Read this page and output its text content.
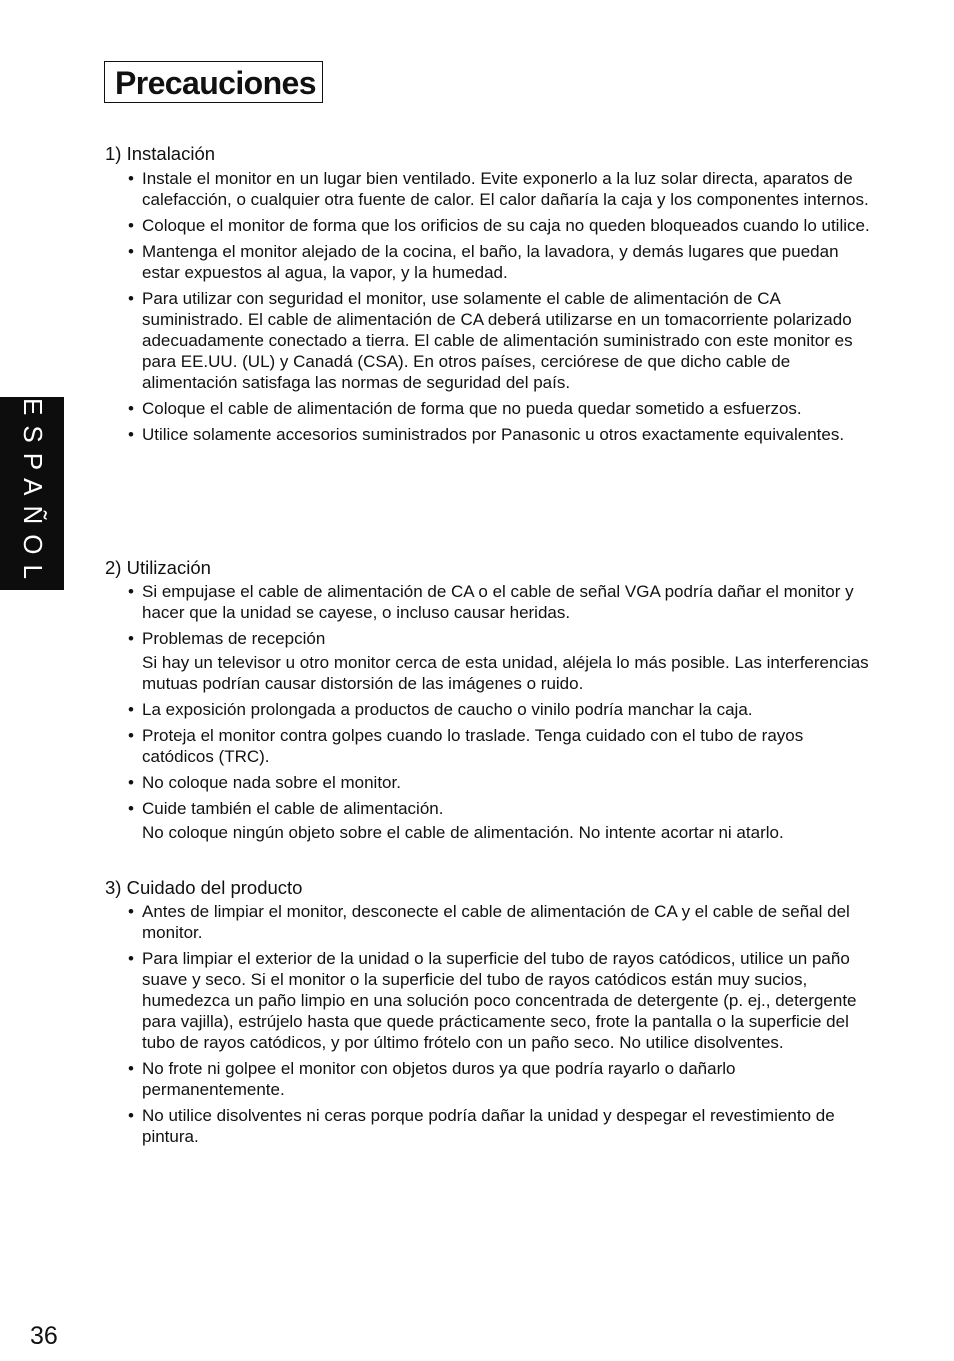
Precauciones
ESPAÑOL
1) Instalación
• Instale el monitor en un lugar bien ventilado. Evite exponerlo a la luz solar directa, aparatos de calefacción, o cualquier otra fuente de calor. El calor dañaría la caja y los componentes internos.
• Coloque el monitor de forma que los orificios de su caja no queden bloqueados cuando lo utilice.
• Mantenga el monitor alejado de la cocina, el baño, la lavadora, y demás lugares que puedan estar expuestos al agua, la vapor, y la humedad.
• Para utilizar con seguridad el monitor, use solamente el cable de alimentación de CA suministrado. El cable de alimentación de CA deberá utilizarse en un tomacorriente polarizado adecuadamente conectado a tierra. El cable de alimentación suministrado con este monitor es para EE.UU. (UL) y Canadá (CSA). En otros países, cerciórese de que dicho cable de alimentación satisfaga las normas de seguridad del país.
• Coloque el cable de alimentación de forma que no pueda quedar sometido a esfuerzos.
• Utilice solamente accesorios suministrados por Panasonic u otros exactamente equivalentes.
2) Utilización
• Si empujase el cable de alimentación de CA o el cable de señal VGA podría dañar el monitor y hacer que la unidad se cayese, o incluso causar heridas.
• Problemas de recepción
Si hay un televisor u otro monitor cerca de esta unidad, aléjela lo más posible. Las interferencias mutuas podrían causar distorsión de las imágenes o ruido.
• La exposición prolongada a productos de caucho o vinilo podría manchar la caja.
• Proteja el monitor contra golpes cuando lo traslade. Tenga cuidado con el tubo de rayos catódicos (TRC).
• No coloque nada sobre el monitor.
• Cuide también el cable de alimentación.
No coloque ningún objeto sobre el cable de alimentación. No intente acortar ni atarlo.
3) Cuidado del producto
• Antes de limpiar el monitor, desconecte el cable de alimentación de CA y el cable de señal del monitor.
• Para limpiar el exterior de la unidad o la superficie del tubo de rayos catódicos, utilice un paño suave y seco. Si el monitor o la superficie del tubo de rayos catódicos están muy sucios, humedezca un paño limpio en una solución poco concentrada de detergente (p. ej., detergente para vajilla), estrújelo hasta que quede prácticamente seco, frote la pantalla o la superficie del tubo de rayos catódicos, y por último frótelo con un paño seco. No utilice disolventes.
• No frote ni golpee el monitor con objetos duros ya que podría rayarlo o dañarlo permanentemente.
• No utilice disolventes ni ceras porque podría dañar la unidad y despegar el revestimiento de pintura.
36
